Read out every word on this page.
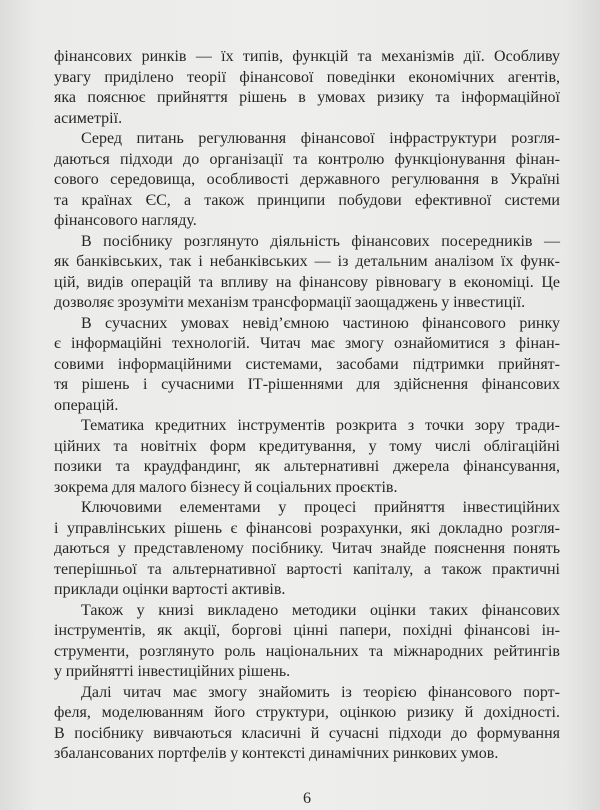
фінансових ринків — їх типів, функцій та механізмів дії. Особливу
увагу приділено теорії фінансової поведінки економічних агентів,
яка пояснює прийняття рішень в умовах ризику та інформаційної
асиметрії.
Серед питань регулювання фінансової інфраструктури розгля-
даються підходи до організації та контролю функціонування фінан-
сового середовища, особливості державного регулювання в Україні
та країнах ЄС, а також принципи побудови ефективної системи
фінансового нагляду.
В посібнику розглянуто діяльність фінансових посередників —
як банківських, так і небанківських — із детальним аналізом їх функ-
цій, видів операцій та впливу на фінансову рівновагу в економіці. Це
дозволяє зрозуміти механізм трансформації заощаджень у інвестиції.
В сучасних умовах невід’ємною частиною фінансового ринку
є інформаційні технологій. Читач має змогу ознайомитися з фінан-
совими інформаційними системами, засобами підтримки прийнят-
тя рішень і сучасними ІТ-рішеннями для здійснення фінансових
операцій.
Тематика кредитних інструментів розкрита з точки зору тради-
ційних та новітніх форм кредитування, у тому числі облігаційні
позики та краудфандинг, як альтернативні джерела фінансування,
зокрема для малого бізнесу й соціальних проєктів.
Ключовими елементами у процесі прийняття інвестиційних
і управлінських рішень є фінансові розрахунки, які докладно розгля-
даються у представленому посібнику. Читач знайде пояснення понять
теперішньої та альтернативної вартості капіталу, а також практичні
приклади оцінки вартості активів.
Також у книзі викладено методики оцінки таких фінансових
інструментів, як акції, боргові цінні папери, похідні фінансові ін-
струменти, розглянуто роль національних та міжнародних рейтингів
у прийнятті інвестиційних рішень.
Далі читач має змогу знайомить із теорією фінансового порт-
феля, моделюванням його структури, оцінкою ризику й дохідності.
В посібнику вивчаються класичні й сучасні підходи до формування
збалансованих портфелів у контексті динамічних ринкових умов.
6
